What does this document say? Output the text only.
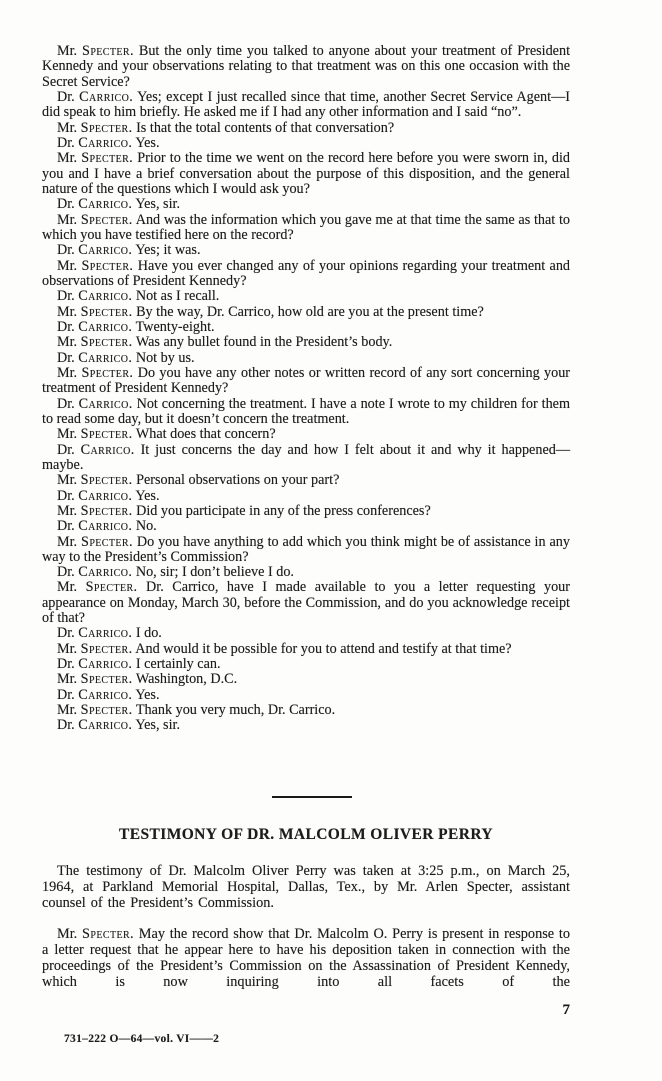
Mr. Specter. But the only time you talked to anyone about your treatment of President Kennedy and your observations relating to that treatment was on this one occasion with the Secret Service?

Dr. Carrico. Yes; except I just recalled since that time, another Secret Service Agent—I did speak to him briefly. He asked me if I had any other information and I said “no”.

Mr. Specter. Is that the total contents of that conversation?

Dr. Carrico. Yes.

Mr. Specter. Prior to the time we went on the record here before you were sworn in, did you and I have a brief conversation about the purpose of this disposition, and the general nature of the questions which I would ask you?

Dr. Carrico. Yes, sir.

Mr. Specter. And was the information which you gave me at that time the same as that to which you have testified here on the record?

Dr. Carrico. Yes; it was.

Mr. Specter. Have you ever changed any of your opinions regarding your treatment and observations of President Kennedy?

Dr. Carrico. Not as I recall.

Mr. Specter. By the way, Dr. Carrico, how old are you at the present time?

Dr. Carrico. Twenty-eight.

Mr. Specter. Was any bullet found in the President’s body.

Dr. Carrico. Not by us.

Mr. Specter. Do you have any other notes or written record of any sort concerning your treatment of President Kennedy?

Dr. Carrico. Not concerning the treatment. I have a note I wrote to my children for them to read some day, but it doesn’t concern the treatment.

Mr. Specter. What does that concern?

Dr. Carrico. It just concerns the day and how I felt about it and why it happened—maybe.

Mr. Specter. Personal observations on your part?

Dr. Carrico. Yes.

Mr. Specter. Did you participate in any of the press conferences?

Dr. Carrico. No.

Mr. Specter. Do you have anything to add which you think might be of assistance in any way to the President’s Commission?

Dr. Carrico. No, sir; I don’t believe I do.

Mr. Specter. Dr. Carrico, have I made available to you a letter requesting your appearance on Monday, March 30, before the Commission, and do you acknowledge receipt of that?

Dr. Carrico. I do.

Mr. Specter. And would it be possible for you to attend and testify at that time?

Dr. Carrico. I certainly can.

Mr. Specter. Washington, D.C.

Dr. Carrico. Yes.

Mr. Specter. Thank you very much, Dr. Carrico.

Dr. Carrico. Yes, sir.

TESTIMONY OF DR. MALCOLM OLIVER PERRY

The testimony of Dr. Malcolm Oliver Perry was taken at 3:25 p.m., on March 25, 1964, at Parkland Memorial Hospital, Dallas, Tex., by Mr. Arlen Specter, assistant counsel of the President’s Commission.

Mr. Specter. May the record show that Dr. Malcolm O. Perry is present in response to a letter request that he appear here to have his deposition taken in connection with the proceedings of the President’s Commission on the Assassination of President Kennedy, which is now inquiring into all facets of the

7
731–222 O—64—vol. VI——2
